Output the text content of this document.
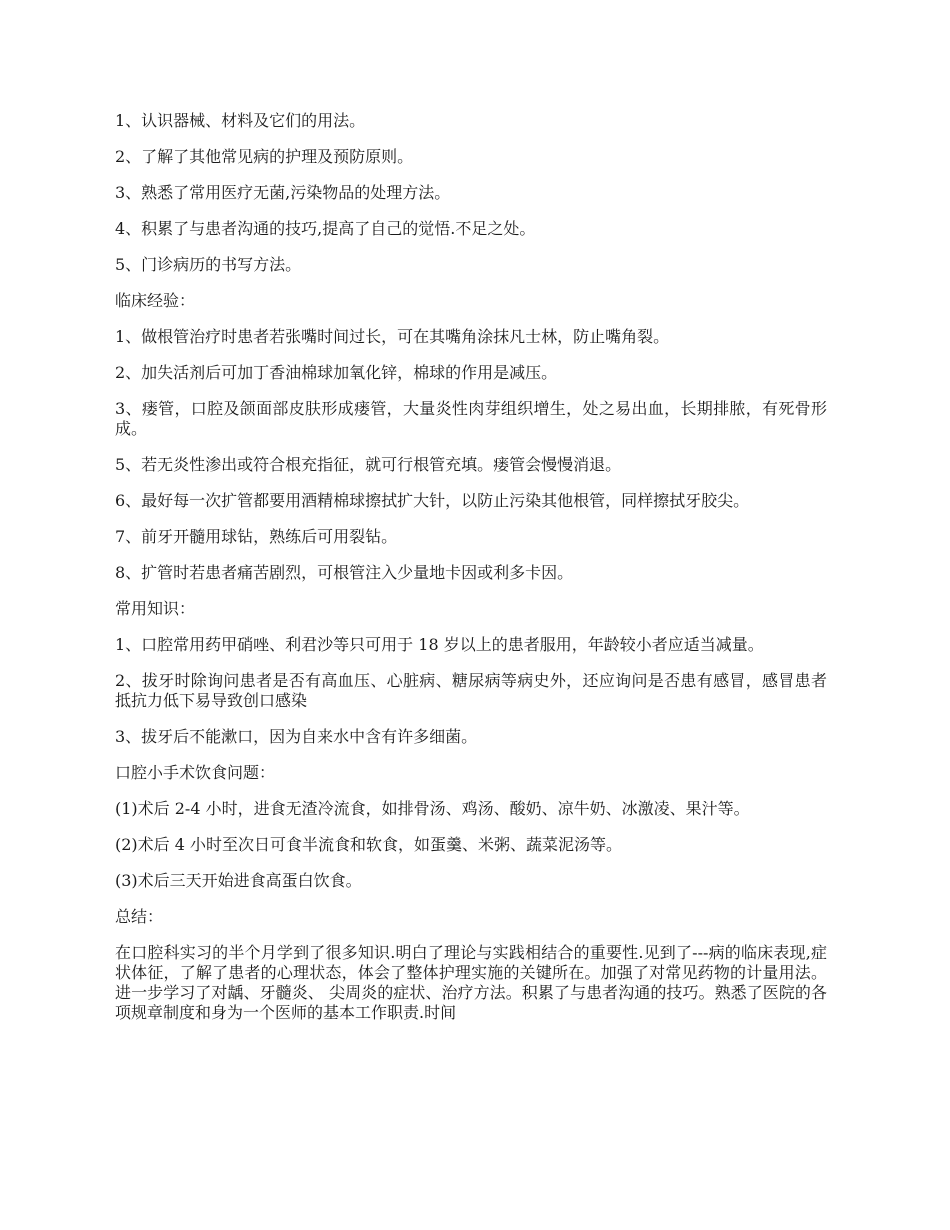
1、认识器械、材料及它们的用法。

2、了解了其他常见病的护理及预防原则。

3、熟悉了常用医疗无菌,污染物品的处理方法。

4、积累了与患者沟通的技巧,提高了自己的觉悟.不足之处。

5、门诊病历的书写方法。

临床经验：

1、做根管治疗时患者若张嘴时间过长，可在其嘴角涂抹凡士林，防止嘴角裂。

2、加失活剂后可加丁香油棉球加氧化锌，棉球的作用是减压。

3、瘘管，口腔及颌面部皮肤形成瘘管，大量炎性肉芽组织增生，处之易出血，长期排脓，有死骨形成。

5、若无炎性渗出或符合根充指征，就可行根管充填。瘘管会慢慢消退。

6、最好每一次扩管都要用酒精棉球擦拭扩大针，以防止污染其他根管，同样擦拭牙胶尖。

7、前牙开髓用球钻，熟练后可用裂钻。

8、扩管时若患者痛苦剧烈，可根管注入少量地卡因或利多卡因。

常用知识：

1、口腔常用药甲硝唑、利君沙等只可用于 18 岁以上的患者服用，年龄较小者应适当减量。

2、拔牙时除询问患者是否有高血压、心脏病、糖尿病等病史外，还应询问是否患有感冒，感冒患者抵抗力低下易导致创口感染

3、拔牙后不能漱口，因为自来水中含有许多细菌。

口腔小手术饮食问题：

(1)术后 2-4 小时，进食无渣冷流食，如排骨汤、鸡汤、酸奶、凉牛奶、冰激凌、果汁等。

(2)术后 4 小时至次日可食半流食和软食，如蛋羹、米粥、蔬菜泥汤等。

(3)术后三天开始进食高蛋白饮食。

总结：

在口腔科实习的半个月学到了很多知识.明白了理论与实践相结合的重要性.见到了---病的临床表现,症状体征，了解了患者的心理状态，体会了整体护理实施的关键所在。加强了对常见药物的计量用法。进一步学习了对龋、牙髓炎、 尖周炎的症状、治疗方法。积累了与患者沟通的技巧。熟悉了医院的各项规章制度和身为一个医师的基本工作职责.时间
